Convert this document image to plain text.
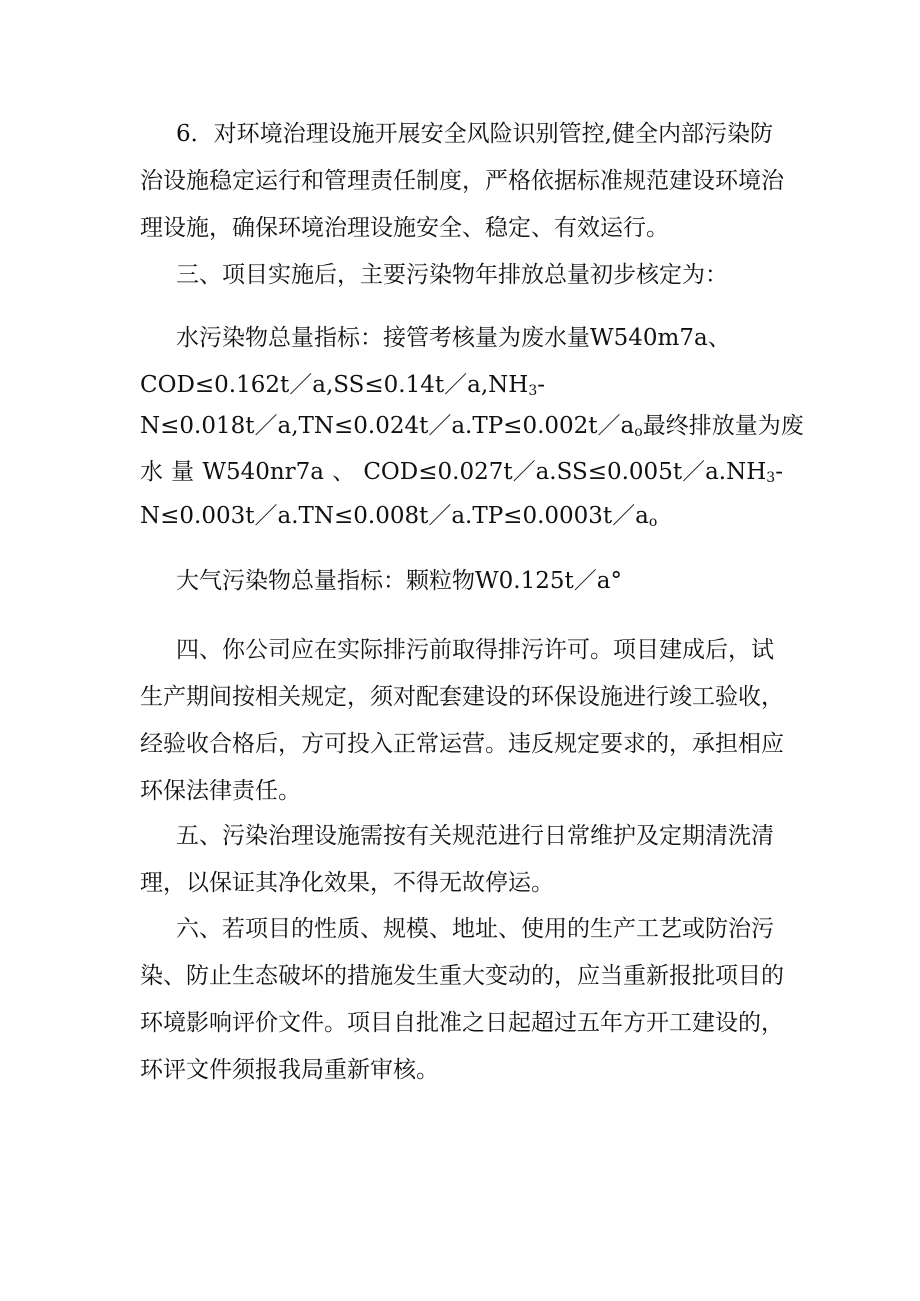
6．对环境治理设施开展安全风险识别管控,健全内部污染防

治设施稳定运行和管理责任制度，严格依据标准规范建设环境治

理设施，确保环境治理设施安全、稳定、有效运行。

三、项目实施后，主要污染物年排放总量初步核定为：

水污染物总量指标：接管考核量为废水量W540m7a、

$COD\le 0.162t/a,SS\le 0.14t/a,NH_3-$

$N\le 0.018t/a,TN\le 0.024t/a.TP\le 0.002t/a_o$最终排放量为废

水 量 W540nr7a 、 $COD\le 0.027t/a.SS\le 0.005t/a.NH_3-$

$N\le 0.003t/a.TN\le 0.008t/a.TP\le 0.0003t/a_o$

大气污染物总量指标：颗粒物W0.125t／a°

四、你公司应在实际排污前取得排污许可。项目建成后，试

生产期间按相关规定，须对配套建设的环保设施进行竣工验收，

经验收合格后，方可投入正常运营。违反规定要求的，承担相应

环保法律责任。

五、污染治理设施需按有关规范进行日常维护及定期清洗清

理，以保证其净化效果，不得无故停运。

六、若项目的性质、规模、地址、使用的生产工艺或防治污

染、防止生态破坏的措施发生重大变动的，应当重新报批项目的

环境影响评价文件。项目自批准之日起超过五年方开工建设的，

环评文件须报我局重新审核。
